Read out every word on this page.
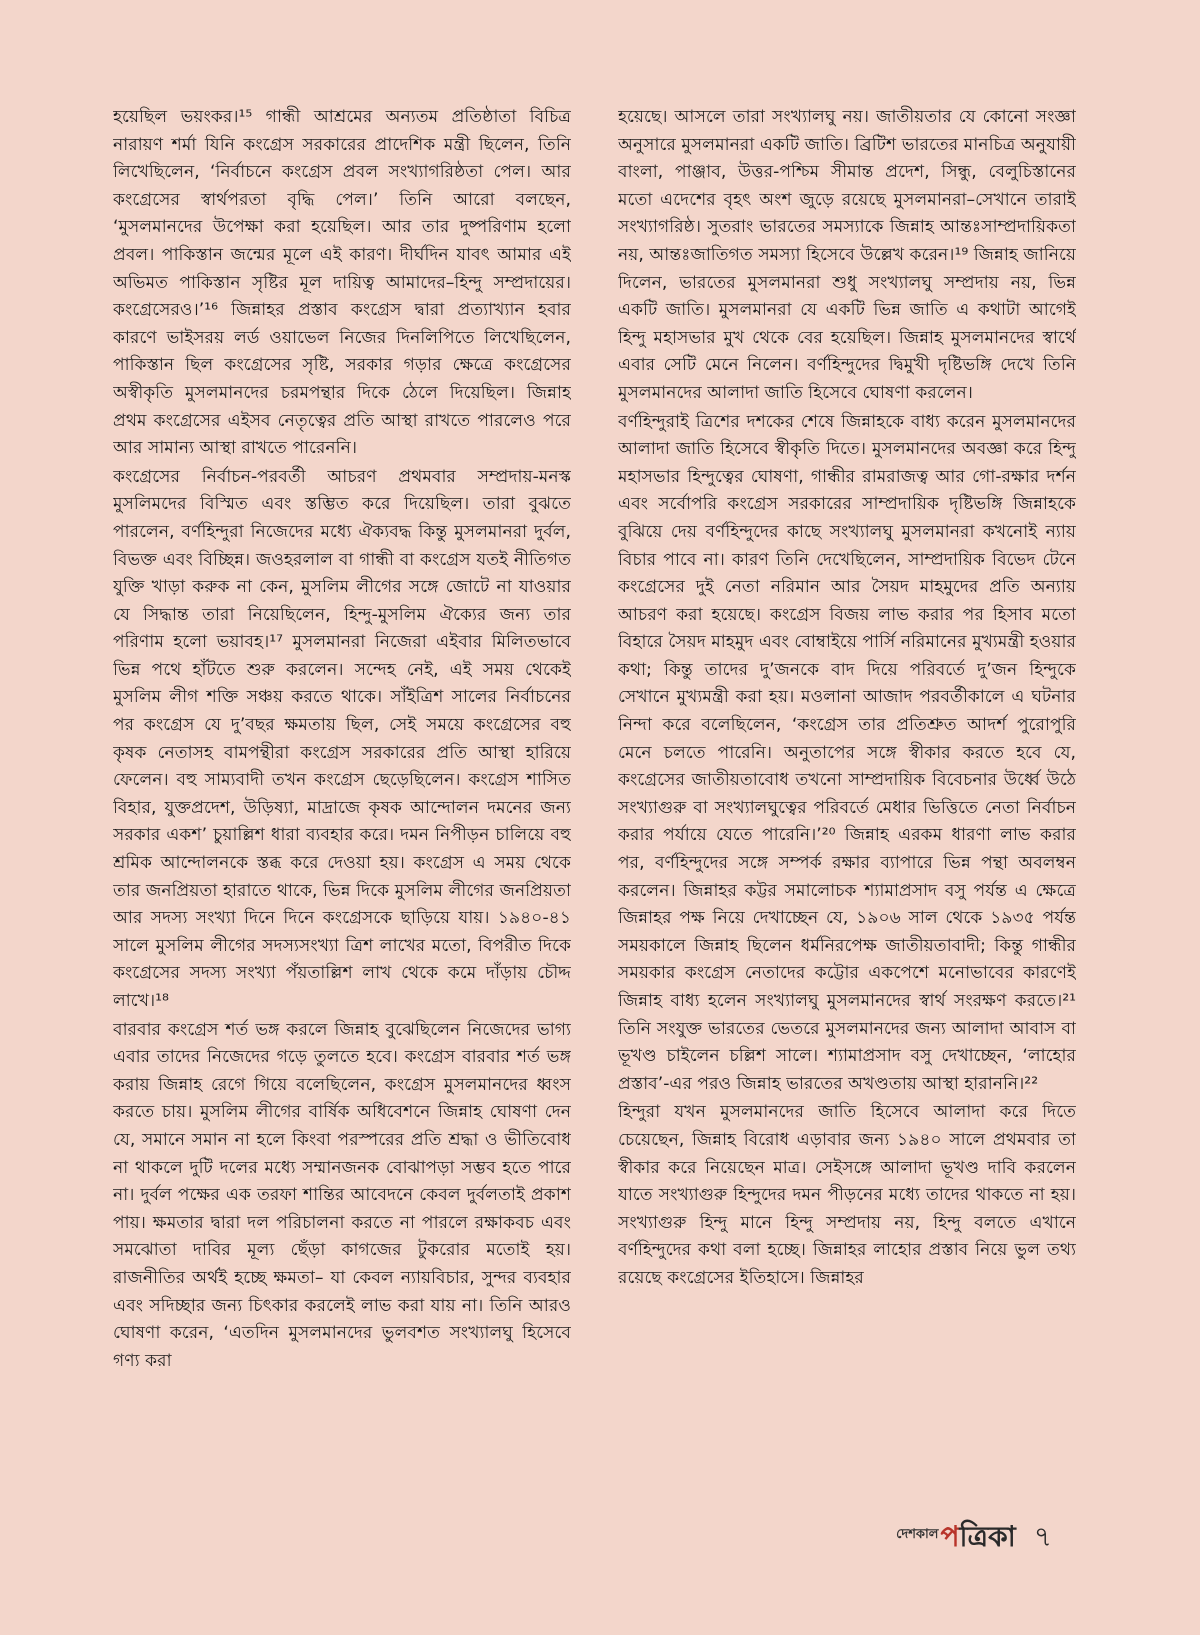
হয়েছিল ভয়ংকর।¹⁵ গান্ধী আশ্রমের অন্যতম প্রতিষ্ঠাতা বিচিত্র নারায়ণ শর্মা যিনি কংগ্রেস সরকারের প্রাদেশিক মন্ত্রী ছিলেন, তিনি লিখেছিলেন, ‘নির্বাচনে কংগ্রেস প্রবল সংখ্যাগরিষ্ঠতা পেল। আর কংগ্রেসের স্বার্থপরতা বৃদ্ধি পেল।’ তিনি আরো বলছেন, ‘মুসলমানদের উপেক্ষা করা হয়েছিল। আর তার দুষ্পরিণাম হলো প্রবল। পাকিস্তান জন্মের মূলে এই কারণ। দীর্ঘদিন যাবৎ আমার এই অভিমত পাকিস্তান সৃষ্টির মূল দায়িত্ব আমাদের–হিন্দু সম্প্রদায়ের। কংগ্রেসেরও।’¹⁶ জিন্নাহর প্রস্তাব কংগ্রেস দ্বারা প্রত্যাখ্যান হবার কারণে ভাইসরয় লর্ড ওয়াভেল নিজের দিনলিপিতে লিখেছিলেন, পাকিস্তান ছিল কংগ্রেসের সৃষ্টি, সরকার গড়ার ক্ষেত্রে কংগ্রেসের অস্বীকৃতি মুসলমানদের চরমপন্থার দিকে ঠেলে দিয়েছিল। জিন্নাহ প্রথম কংগ্রেসের এইসব নেতৃত্বের প্রতি আস্থা রাখতে পারলেও পরে আর সামান্য আস্থা রাখতে পারেননি।

কংগ্রেসের নির্বাচন-পরবর্তী আচরণ প্রথমবার সম্প্রদায়-মনস্ক মুসলিমদের বিস্মিত এবং স্তম্ভিত করে দিয়েছিল। তারা বুঝতে পারলেন, বর্ণহিন্দুরা নিজেদের মধ্যে ঐক্যবদ্ধ কিন্তু মুসলমানরা দুর্বল, বিভক্ত এবং বিচ্ছিন্ন। জওহরলাল বা গান্ধী বা কংগ্রেস যতই নীতিগত যুক্তি খাড়া করুক না কেন, মুসলিম লীগের সঙ্গে জোটে না যাওয়ার যে সিদ্ধান্ত তারা নিয়েছিলেন, হিন্দু-মুসলিম ঐক্যের জন্য তার পরিণাম হলো ভয়াবহ।¹⁷ মুসলমানরা নিজেরা এইবার মিলিতভাবে ভিন্ন পথে হাঁটতে শুরু করলেন। সন্দেহ নেই, এই সময় থেকেই মুসলিম লীগ শক্তি সঞ্চয় করতে থাকে। সাঁইত্রিশ সালের নির্বাচনের পর কংগ্রেস যে দু’বছর ক্ষমতায় ছিল, সেই সময়ে কংগ্রেসের বহু কৃষক নেতাসহ বামপন্থীরা কংগ্রেস সরকারের প্রতি আস্থা হারিয়ে ফেলেন। বহু সাম্যবাদী তখন কংগ্রেস ছেড়েছিলেন। কংগ্রেস শাসিত বিহার, যুক্তপ্রদেশ, উড়িষ্যা, মাদ্রাজে কৃষক আন্দোলন দমনের জন্য সরকার একশ’ চুয়াল্লিশ ধারা ব্যবহার করে। দমন নিপীড়ন চালিয়ে বহু শ্রমিক আন্দোলনকে স্তব্ধ করে দেওয়া হয়। কংগ্রেস এ সময় থেকে তার জনপ্রিয়তা হারাতে থাকে, ভিন্ন দিকে মুসলিম লীগের জনপ্রিয়তা আর সদস্য সংখ্যা দিনে দিনে কংগ্রেসকে ছাড়িয়ে যায়। ১৯৪০-৪১ সালে মুসলিম লীগের সদস্যসংখ্যা ত্রিশ লাখের মতো, বিপরীত দিকে কংগ্রেসের সদস্য সংখ্যা পঁয়তাল্লিশ লাখ থেকে কমে দাঁড়ায় চৌদ্দ লাখে।¹⁸

বারবার কংগ্রেস শর্ত ভঙ্গ করলে জিন্নাহ বুঝেছিলেন নিজেদের ভাগ্য এবার তাদের নিজেদের গড়ে তুলতে হবে। কংগ্রেস বারবার শর্ত ভঙ্গ করায় জিন্নাহ রেগে গিয়ে বলেছিলেন, কংগ্রেস মুসলমানদের ধ্বংস করতে চায়। মুসলিম লীগের বার্ষিক অধিবেশনে জিন্নাহ ঘোষণা দেন যে, সমানে সমান না হলে কিংবা পরস্পরের প্রতি শ্রদ্ধা ও ভীতিবোধ না থাকলে দুটি দলের মধ্যে সম্মানজনক বোঝাপড়া সম্ভব হতে পারে না। দুর্বল পক্ষের এক তরফা শান্তির আবেদনে কেবল দুর্বলতাই প্রকাশ পায়। ক্ষমতার দ্বারা দল পরিচালনা করতে না পারলে রক্ষাকবচ এবং সমঝোতা দাবির মূল্য ছেঁড়া কাগজের টুকরোর মতোই হয়। রাজনীতির অর্থই হচ্ছে ক্ষমতা– যা কেবল ন্যায়বিচার, সুন্দর ব্যবহার এবং সদিচ্ছার জন্য চিৎকার করলেই লাভ করা যায় না। তিনি আরও ঘোষণা করেন, ‘এতদিন মুসলমানদের ভুলবশত সংখ্যালঘু হিসেবে গণ্য করা

হয়েছে। আসলে তারা সংখ্যালঘু নয়। জাতীয়তার যে কোনো সংজ্ঞা অনুসারে মুসলমানরা একটি জাতি। ব্রিটিশ ভারতের মানচিত্র অনুযায়ী বাংলা, পাঞ্জাব, উত্তর-পশ্চিম সীমান্ত প্রদেশ, সিন্ধু, বেলুচিস্তানের মতো এদেশের বৃহৎ অংশ জুড়ে রয়েছে মুসলমানরা–সেখানে তারাই সংখ্যাগরিষ্ঠ। সুতরাং ভারতের সমস্যাকে জিন্নাহ আন্তঃসাম্প্রদায়িকতা নয়, আন্তঃজাতিগত সমস্যা হিসেবে উল্লেখ করেন।¹⁹ জিন্নাহ জানিয়ে দিলেন, ভারতের মুসলমানরা শুধু সংখ্যালঘু সম্প্রদায় নয়, ভিন্ন একটি জাতি। মুসলমানরা যে একটি ভিন্ন জাতি এ কথাটা আগেই হিন্দু মহাসভার মুখ থেকে বের হয়েছিল। জিন্নাহ মুসলমানদের স্বার্থে এবার সেটি মেনে নিলেন। বর্ণহিন্দুদের দ্বিমুখী দৃষ্টিভঙ্গি দেখে তিনি মুসলমানদের আলাদা জাতি হিসেবে ঘোষণা করলেন।

বর্ণহিন্দুরাই ত্রিশের দশকের শেষে জিন্নাহকে বাধ্য করেন মুসলমানদের আলাদা জাতি হিসেবে স্বীকৃতি দিতে। মুসলমানদের অবজ্ঞা করে হিন্দু মহাসভার হিন্দুত্বের ঘোষণা, গান্ধীর রামরাজত্ব আর গো-রক্ষার দর্শন এবং সর্বোপরি কংগ্রেস সরকারের সাম্প্রদায়িক দৃষ্টিভঙ্গি জিন্নাহকে বুঝিয়ে দেয় বর্ণহিন্দুদের কাছে সংখ্যালঘু মুসলমানরা কখনোই ন্যায় বিচার পাবে না। কারণ তিনি দেখেছিলেন, সাম্প্রদায়িক বিভেদ টেনে কংগ্রেসের দুই নেতা নরিমান আর সৈয়দ মাহমুদের প্রতি অন্যায় আচরণ করা হয়েছে। কংগ্রেস বিজয় লাভ করার পর হিসাব মতো বিহারে সৈয়দ মাহমুদ এবং বোম্বাইয়ে পার্সি নরিমানের মুখ্যমন্ত্রী হওয়ার কথা; কিন্তু তাদের দু’জনকে বাদ দিয়ে পরিবর্তে দু’জন হিন্দুকে সেখানে মুখ্যমন্ত্রী করা হয়। মওলানা আজাদ পরবর্তীকালে এ ঘটনার নিন্দা করে বলেছিলেন, ‘কংগ্রেস তার প্রতিশ্রুত আদর্শ পুরোপুরি মেনে চলতে পারেনি। অনুতাপের সঙ্গে স্বীকার করতে হবে যে, কংগ্রেসের জাতীয়তাবোধ তখনো সাম্প্রদায়িক বিবেচনার উর্ধ্বে উঠে সংখ্যাগুরু বা সংখ্যালঘুত্বের পরিবর্তে মেধার ভিত্তিতে নেতা নির্বাচন করার পর্যায়ে যেতে পারেনি।’²⁰ জিন্নাহ এরকম ধারণা লাভ করার পর, বর্ণহিন্দুদের সঙ্গে সম্পর্ক রক্ষার ব্যাপারে ভিন্ন পন্থা অবলম্বন করলেন। জিন্নাহর কট্টর সমালোচক শ্যামাপ্রসাদ বসু পর্যন্ত এ ক্ষেত্রে জিন্নাহর পক্ষ নিয়ে দেখাচ্ছেন যে, ১৯০৬ সাল থেকে ১৯৩৫ পর্যন্ত সময়কালে জিন্নাহ ছিলেন ধর্মনিরপেক্ষ জাতীয়তাবাদী; কিন্তু গান্ধীর সময়কার কংগ্রেস নেতাদের কট্টোর একপেশে মনোভাবের কারণেই জিন্নাহ বাধ্য হলেন সংখ্যালঘু মুসলমানদের স্বার্থ সংরক্ষণ করতে।²¹ তিনি সংযুক্ত ভারতের ভেতরে মুসলমানদের জন্য আলাদা আবাস বা ভূখণ্ড চাইলেন চল্লিশ সালে। শ্যামাপ্রসাদ বসু দেখাচ্ছেন, ‘লাহোর প্রস্তাব’-এর পরও জিন্নাহ ভারতের অখণ্ডতায় আস্থা হারাননি।²²

হিন্দুরা যখন মুসলমানদের জাতি হিসেবে আলাদা করে দিতে চেয়েছেন, জিন্নাহ বিরোধ এড়াবার জন্য ১৯৪০ সালে প্রথমবার তা স্বীকার করে নিয়েছেন মাত্র। সেইসঙ্গে আলাদা ভূখণ্ড দাবি করলেন যাতে সংখ্যাগুরু হিন্দুদের দমন পীড়নের মধ্যে তাদের থাকতে না হয়। সংখ্যাগুরু হিন্দু মানে হিন্দু সম্প্রদায় নয়, হিন্দু বলতে এখানে বর্ণহিন্দুদের কথা বলা হচ্ছে। জিন্নাহর লাহোর প্রস্তাব নিয়ে ভুল তথ্য রয়েছে কংগ্রেসের ইতিহাসে। জিন্নাহর

দেশকাল পত্রিকা ৭
